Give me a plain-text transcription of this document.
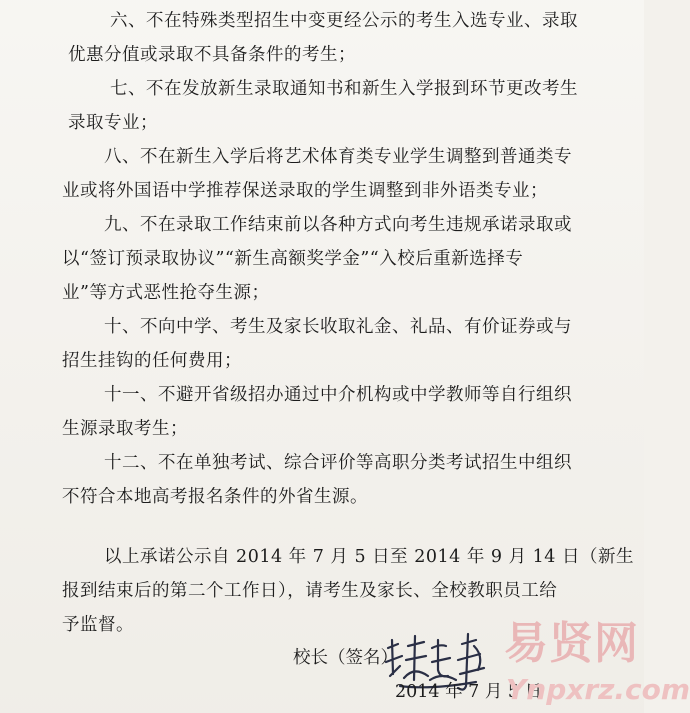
六、不在特殊类型招生中变更经公示的考生入选专业、录取
优惠分值或录取不具备条件的考生；
七、不在发放新生录取通知书和新生入学报到环节更改考生
录取专业；
八、不在新生入学后将艺术体育类专业学生调整到普通类专
业或将外国语中学推荐保送录取的学生调整到非外语类专业；
九、不在录取工作结束前以各种方式向考生违规承诺录取或
以“签订预录取协议”“新生高额奖学金”“入校后重新选择专
业”等方式恶性抢夺生源；
十、不向中学、考生及家长收取礼金、礼品、有价证券或与
招生挂钩的任何费用；
十一、不避开省级招办通过中介机构或中学教师等自行组织
生源录取考生；
十二、不在单独考试、综合评价等高职分类考试招生中组织
不符合本地高考报名条件的外省生源。
以上承诺公示自 2014 年 7 月 5 日至 2014 年 9 月 14 日（新生
报到结束后的第二个工作日），请考生及家长、全校教职员工给
予监督。
校长（签名）
2014 年 7 月 5 日
易贤网
Ynpxrz.com
